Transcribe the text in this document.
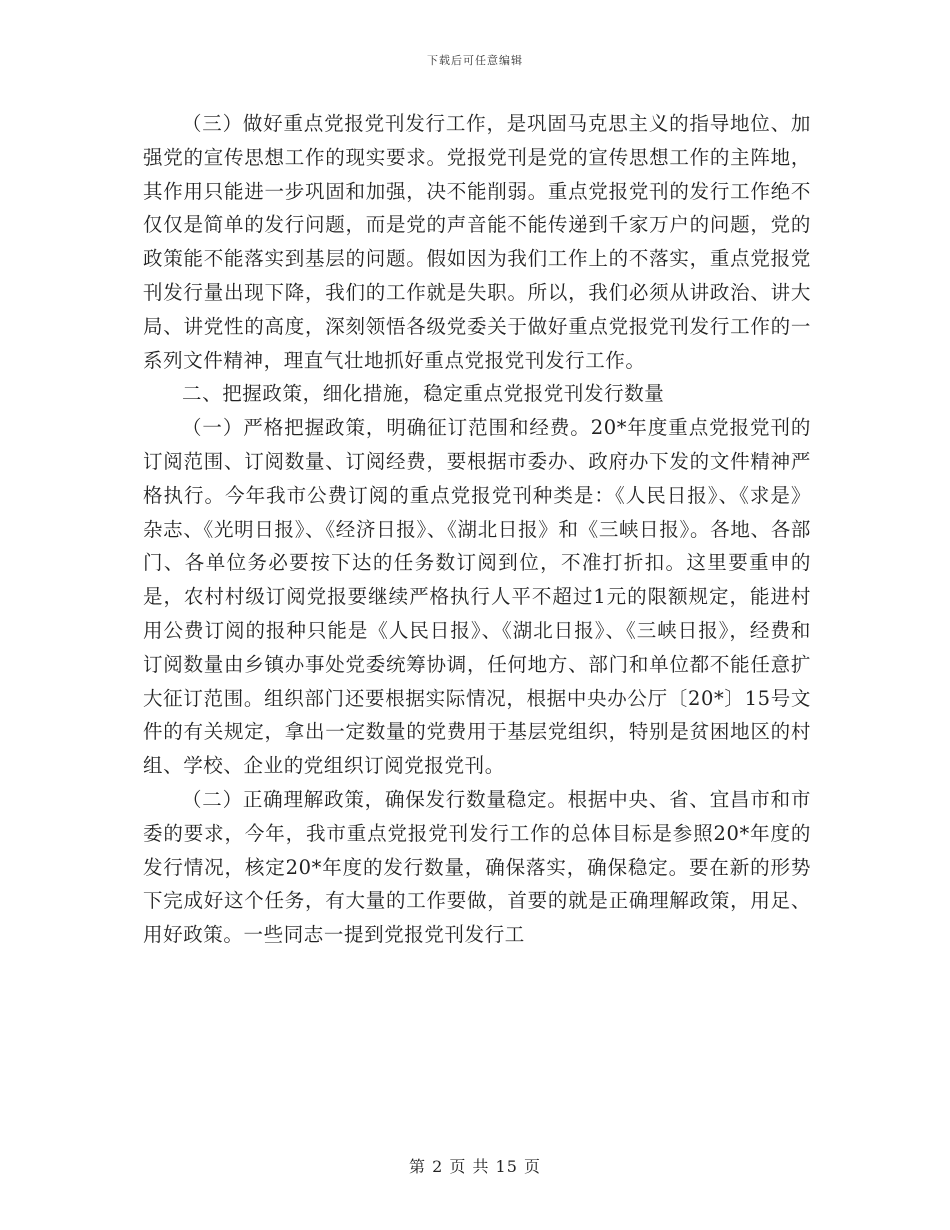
下载后可任意编辑

（三）做好重点党报党刊发行工作，是巩固马克思主义的指导地位、加强党的宣传思想工作的现实要求。党报党刊是党的宣传思想工作的主阵地，其作用只能进一步巩固和加强，决不能削弱。重点党报党刊的发行工作绝不仅仅是简单的发行问题，而是党的声音能不能传递到千家万户的问题，党的政策能不能落实到基层的问题。假如因为我们工作上的不落实，重点党报党刊发行量出现下降，我们的工作就是失职。所以，我们必须从讲政治、讲大局、讲党性的高度，深刻领悟各级党委关于做好重点党报党刊发行工作的一系列文件精神，理直气壮地抓好重点党报党刊发行工作。

二、把握政策，细化措施，稳定重点党报党刊发行数量

（一）严格把握政策，明确征订范围和经费。20*年度重点党报党刊的订阅范围、订阅数量、订阅经费，要根据市委办、政府办下发的文件精神严格执行。今年我市公费订阅的重点党报党刊种类是：《人民日报》、《求是》杂志、《光明日报》、《经济日报》、《湖北日报》和《三峡日报》。各地、各部门、各单位务必要按下达的任务数订阅到位，不准打折扣。这里要重申的是，农村村级订阅党报要继续严格执行人平不超过1元的限额规定，能进村用公费订阅的报种只能是《人民日报》、《湖北日报》、《三峡日报》，经费和订阅数量由乡镇办事处党委统筹协调，任何地方、部门和单位都不能任意扩大征订范围。组织部门还要根据实际情况，根据中央办公厅〔20*〕15号文件的有关规定，拿出一定数量的党费用于基层党组织，特别是贫困地区的村组、学校、企业的党组织订阅党报党刊。

（二）正确理解政策，确保发行数量稳定。根据中央、省、宜昌市和市委的要求，今年，我市重点党报党刊发行工作的总体目标是参照20*年度的发行情况，核定20*年度的发行数量，确保落实，确保稳定。要在新的形势下完成好这个任务，有大量的工作要做，首要的就是正确理解政策，用足、用好政策。一些同志一提到党报党刊发行工

第 2 页 共 15 页
